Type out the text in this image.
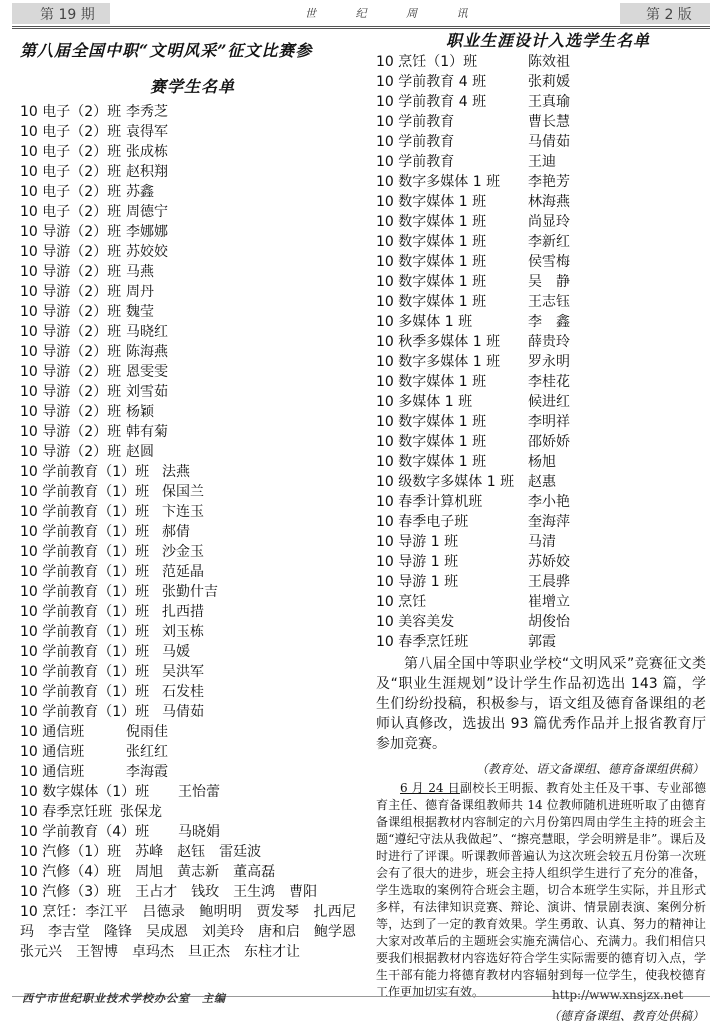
第 19 期	世 纪 周 讯	第 2 版
第八届全国中职“文明风采”征文比赛参
赛学生名单
10 电子（2）班 李秀芝
10 电子（2）班 袁得军
10 电子（2）班 张成栋
10 电子（2）班 赵积翔
10 电子（2）班 苏鑫
10 电子（2）班 周德宁
10 导游（2）班 李娜娜
10 导游（2）班 苏姣姣
10 导游（2）班 马燕
10 导游（2）班 周丹
10 导游（2）班 魏莹
10 导游（2）班 马晓红
10 导游（2）班 陈海燕
10 导游（2）班 恩雯雯
10 导游（2）班 刘雪茹
10 导游（2）班 杨颖
10 导游（2）班 韩有菊
10 导游（2）班 赵圆
10 学前教育（1）班 法燕
10 学前教育（1）班 保国兰
10 学前教育（1）班 卞连玉
10 学前教育（1）班 郝倩
10 学前教育（1）班 沙金玉
10 学前教育（1）班 范延晶
10 学前教育（1）班 张勤什吉
10 学前教育（1）班 扎西措
10 学前教育（1）班 刘玉栋
10 学前教育（1）班 马媛
10 学前教育（1）班 吴洪军
10 学前教育（1）班 石发桂
10 学前教育（1）班 马倩茹
10 通信班	倪雨佳
10 通信班	张红红
10 通信班	李海霞
10 数字媒体（1）班 王怡蕾
10 春季烹饪班 张保龙
10 学前教育（4）班 马晓娟
10 汽修（1）班　苏峰　赵钰　雷廷波
10 汽修（4）班　周旭　黄志新　董高磊
10 汽修（3）班　王占才　钱玫　王生鸿　曹阳

10 烹饪：李江平　吕德录　鲍明明　贾发琴　扎西尼玛　李吉堂　隆锋　吴成恩　刘美玲　唐和启　鲍学恩　张元兴　王智博　卓玛杰　旦正杰　东柱才让

职业生涯设计入选学生名单
10 烹饪（1）班	陈效祖
10 学前教育 4 班	张莉媛
10 学前教育 4 班	王真瑜
10 学前教育	曹长慧
10 学前教育	马倩茹
10 学前教育	王迪
10 数字多媒体 1 班 李艳芳
10 数字媒体 1 班	林海燕
10 数字媒体 1 班	尚显玲
10 数字媒体 1 班	李新红
10 数字媒体 1 班	侯雪梅
10 数字媒体 1 班	吴　静
10 数字媒体 1 班	王志钰
10 多媒体 1 班	李　鑫
10 秋季多媒体 1 班 薛贵玲
10 数字多媒体 1 班 罗永明
10 数字媒体 1 班	李桂花
10 多媒体 1 班	候进红
10 数字媒体 1 班	李明祥
10 数字媒体 1 班	邵娇娇
10 数字媒体 1 班	杨旭
10 级数字多媒体 1 班 赵惠
10 春季计算机班	李小艳
10 春季电子班	奎海萍
10 导游 1 班	马清
10 导游 1 班	苏娇姣
10 导游 1 班	王晨骅
10 烹饪	崔增立
10 美容美发	胡俊怡
10 春季烹饪班	郭霞

第八届全国中等职业学校“文明风采”竞赛征文类及“职业生涯规划”设计学生作品初选出 143 篇，学生们纷纷投稿，积极参与，语文组及德育备课组的老师认真修改，选拔出 93 篇优秀作品并上报省教育厅参加竞赛。

（教育处、语文备课组、德育备课组供稿）

6 月 24 日副校长王明振、教育处主任及干事、专业部德育主任、德育备课组教师共 14 位教师随机进班听取了由德育备课组根据教材内容制定的六月份第四周由学生主持的班会主题“遵纪守法从我做起”、“擦亮慧眼，学会明辨是非”。课后及时进行了评课。听课教师普遍认为这次班会较五月份第一次班会有了很大的进步，班会主持人组织学生进行了充分的准备，学生选取的案例符合班会主题，切合本班学生实际，并且形式多样，有法律知识竞赛、辩论、演讲、情景剧表演、案例分析等，达到了一定的教育效果。学生勇敢、认真、努力的精神让大家对改革后的主题班会实施充满信心、充满力。我们相信只要我们根据教材内容选好符合学生实际需要的德育切入点，学生干部有能力将德育教材内容辐射到每一位学生，使我校德育工作更加切实有效。

（德育备课组、教育处供稿）
西宁市世纪职业技术学校办公室　主编	http://www.xnsjzx.net
